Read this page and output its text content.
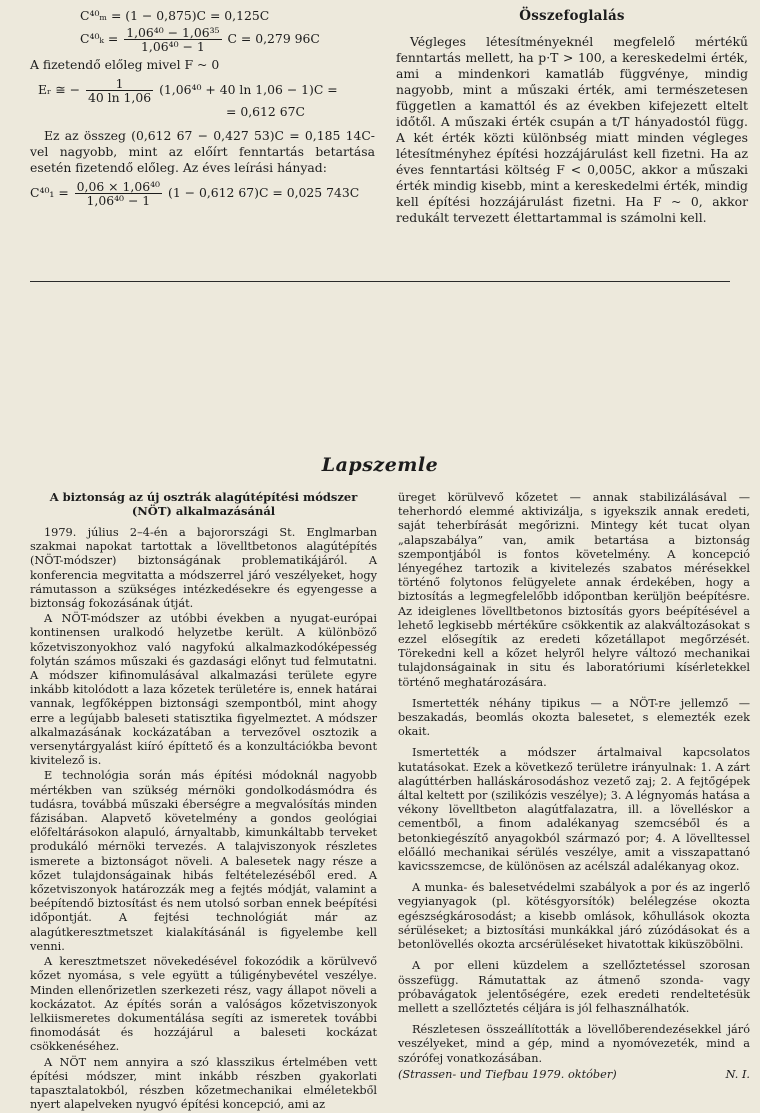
C⁴⁰ₘ = (1 − 0,875)C = 0,125C
$C^{40}_k = \frac{\text{1,06⁴⁰ − 1,06³⁵}}{\text{1,06⁴⁰ − 1}}$ C = 0,279 96C
A fizetendő előleg mivel F ~ 0
Eᵣ ≅ − $\frac{1}{40 \ln 1,06} (1,06^{40} + 40$ ln 1,06 − 1)C =
= 0,612 67C
Ez az összeg (0,612 67 − 0,427 53)C = 0,185 14C-vel nagyobb, mint az előírt fenntartás betartása esetén fizetendő előleg. Az éves leírási hányad:
$C^{40}_1 = \frac{\text{0,06 × 1,06⁴⁰}}{\text{1,06⁴⁰ − 1}} (1 - 0,612$ 67)C = 0,025 743C
Összefoglalás

Végleges létesítményeknél megfelelő mértékű fenntartás mellett, ha p·T > 100, a kereskedelmi érték, ami a mindenkori kamatláb függvénye, mindig nagyobb, mint a műszaki érték, ami természetesen független a kamattól és az években kifejezett eltelt időtől. A műszaki érték csupán a t/T hányadostól függ. A két érték közti különbség miatt minden végleges létesítményhez építési hozzájárulást kell fizetni. Ha az éves fenntartási költség F < 0,005C, akkor a műszaki érték mindig kisebb, mint a kereskedelmi érték, mindig kell építési hozzájárulást fizetni. Ha F ~ 0, akkor redukált tervezett élettartammal is számolni kell.

Lapszemle
A biztonság az új osztrák alagútépítési módszer (NÖT) alkalmazásánál

1979. július 2–4-én a bajorországi St. Englmarban szakmai napokat tartottak a lövelltbetonos alagútépítés (NÖT-módszer) biztonságának problematikájáról. A konferencia megvitatta a módszerrel járó veszélyeket, hogy rámutasson a szükséges intézkedésekre és egyengesse a biztonság fokozásának útját.

A NÖT-módszer az utóbbi években a nyugat-európai kontinensen uralkodó helyzetbe került. A különböző kőzetviszonyokhoz való nagyfokú alkalmazkodóképesség folytán számos műszaki és gazdasági előnyt tud felmutatni. A módszer kifinomulásával alkalmazási területe egyre inkább kitolódott a laza kőzetek területére is, ennek határai vannak, legfőképpen biztonsági szempontból, mint ahogy erre a legújabb baleseti statisztika figyelmeztet. A módszer alkalmazásának kockázatában a tervezővel osztozik a versenytárgyalást kiíró építtető és a konzultációkba bevont kivitelező is.

E technológia során más építési módoknál nagyobb mértékben van szükség mérnöki gondolkodásmódra és tudásra, továbbá műszaki éberségre a megvalósítás minden fázisában. Alapvető követelmény a gondos geológiai előfeltárásokon alapuló, árnyaltabb, kimunkáltabb terveket produkáló mérnöki tervezés. A talajviszonyok részletes ismerete a biztonságot növeli. A balesetek nagy része a kőzet tulajdonságainak hibás feltételezéséből ered. A kőzetviszonyok határozzák meg a fejtés módját, valamint a beépítendő biztosítást és nem utolsó sorban ennek beépítési időpontját. A fejtési technológiát már az alagútkeresztmetszet kialakításánál is figyelembe kell venni.

A keresztmetszet növekedésével fokozódik a körülvevő kőzet nyomása, s vele együtt a túligénybevétel veszélye. Minden ellenőrizetlen szerkezeti rész, vagy állapot növeli a kockázatot. Az építés során a valóságos kőzetviszonyok lelkiismeretes dokumentálása segíti az ismeretek további finomodását és hozzájárul a baleseti kockázat csökkenéséhez.

A NÖT nem annyira a szó klasszikus értelmében vett építési módszer, mint inkább részben gyakorlati tapasztalatokból, részben kőzetmechanikai elméletekből nyert alapelveken nyugvó építési koncepció, ami az

üreget körülvevő kőzetet — annak stabilizálásával — teherhordó elemmé aktivizálja, s igyekszik annak eredeti, saját teherbírását megőrizni. Mintegy két tucat olyan „alapszabálya” van, amik betartása a biztonság szempontjából is fontos követelmény. A koncepció lényegéhez tartozik a kivitelezés szabatos mérésekkel történő folytonos felügyelete annak érdekében, hogy a biztosítás a legmegfelelőbb időpontban kerüljön beépítésre. Az ideiglenes lövelltbetonos biztosítás gyors beépítésével a lehető legkisebb mértékűre csökkentik az alakváltozásokat s ezzel elősegítik az eredeti kőzetállapot megőrzését. Törekedni kell a kőzet helyről helyre változó mechanikai tulajdonságainak in situ és laboratóriumi kísérletekkel történő meghatározására.

Ismertették néhány tipikus — a NÖT-re jellemző — beszakadás, beomlás okozta balesetet, s elemezték ezek okait.

Ismertették a módszer ártalmaival kapcsolatos kutatásokat. Ezek a következő területre irányulnak: 1. A zárt alagúttérben halláskárosodáshoz vezető zaj; 2. A fejtőgépek által keltett por (szilikózis veszélye); 3. A légnyomás hatása a vékony lövelltbeton alagútfalazatra, ill. a lövelléskor a cementből, a finom adalékanyag szemcséből és a betonkiegészítő anyagokból származó por; 4. A lövelltessel előálló mechanikai sérülés veszélye, amit a visszapattanó kavicsszemcse, de különösen az acélszál adalékanyag okoz.

A munka- és balesetvédelmi szabályok a por és az ingerlő vegyianyagok (pl. kötésgyorsítók) belélegzése okozta egészségkárosodást; a kisebb omlások, kőhullások okozta sérüléseket; a biztosítási munkákkal járó zúzódásokat és a betonlövellés okozta arcsérüléseket hivatottak kiküszöbölni.

A por elleni küzdelem a szellőztetéssel szorosan összefügg. Rámutattak az átmenő szonda- vagy próbavágatok jelentőségére, ezek eredeti rendeltetésük mellett a szellőztetés céljára is jól felhasználhatók.

Részletesen összeállították a lövellőberendezésekkel járó veszélyeket, mind a gép, mind a nyomóvezeték, mind a szórófej vonatkozásában.

(Strassen- und Tiefbau 1979. október)	N. I.
